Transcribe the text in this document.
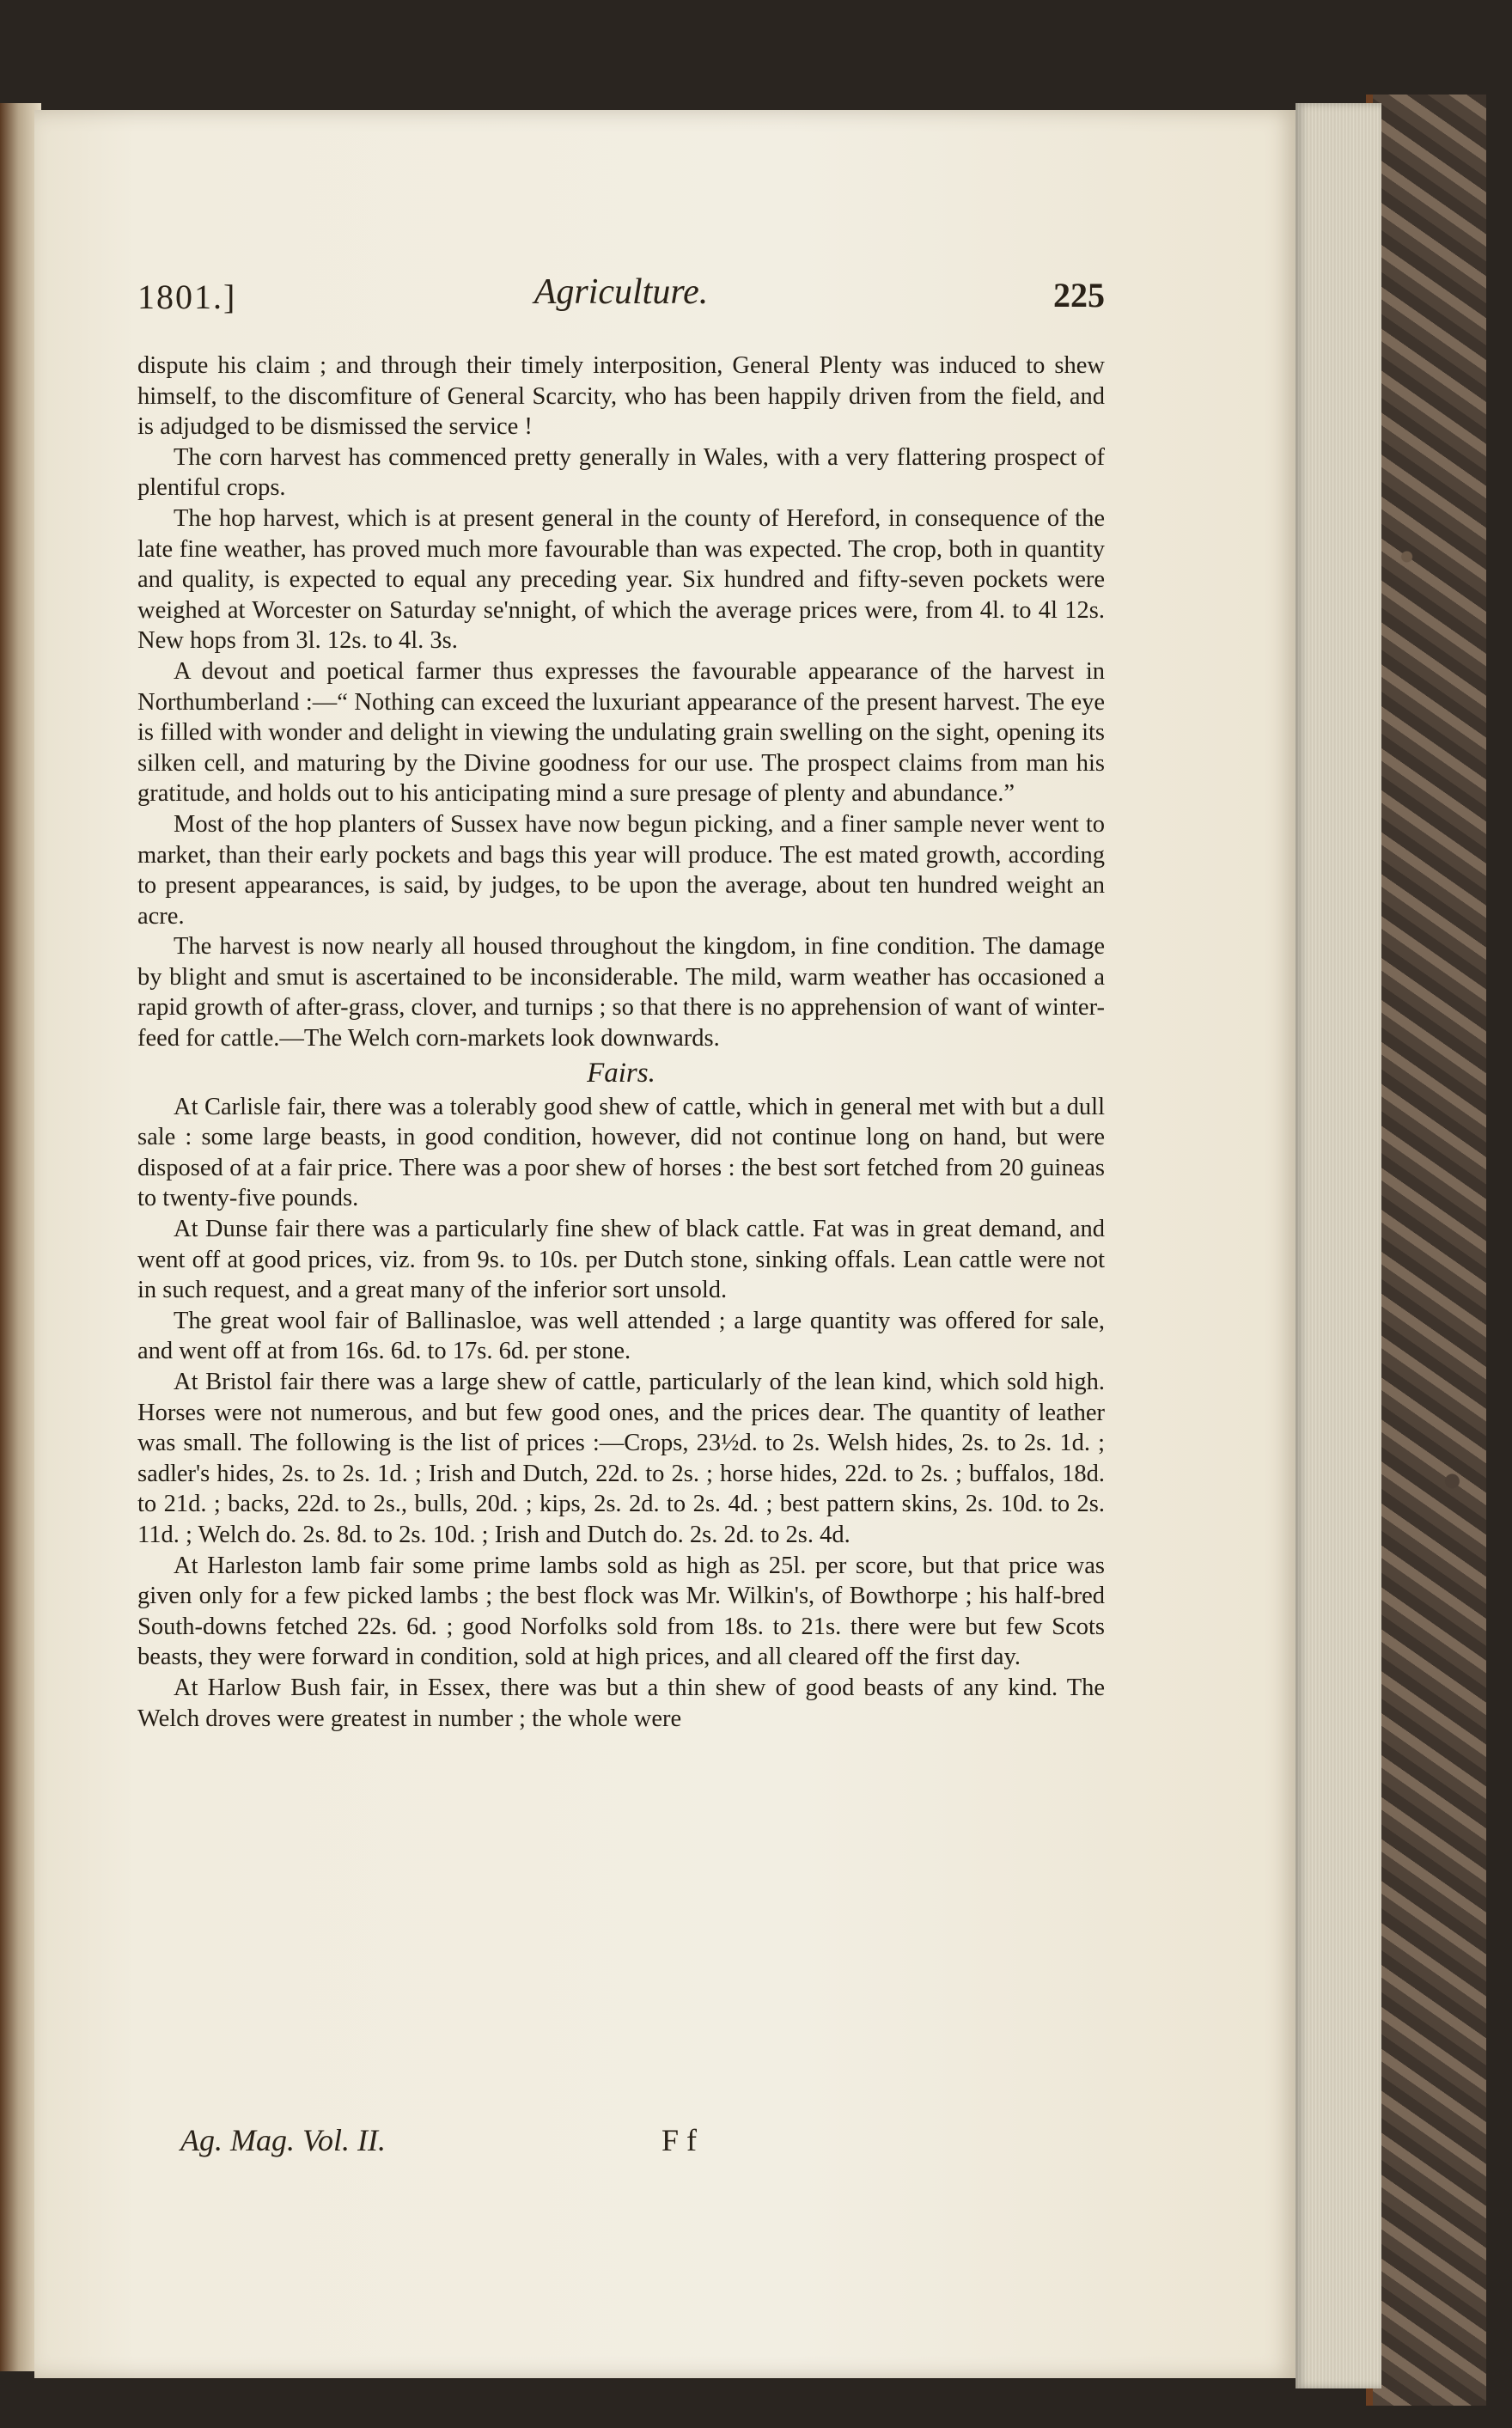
1801.]	Agriculture.	225

dispute his claim ; and through their timely interposition, General Plenty was induced to shew himself, to the discomfiture of General Scarcity, who has been happily driven from the field, and is adjudged to be dismissed the service !

The corn harvest has commenced pretty generally in Wales, with a very flattering prospect of plentiful crops.

The hop harvest, which is at present general in the county of Hereford, in consequence of the late fine weather, has proved much more favourable than was expected. The crop, both in quantity and quality, is expected to equal any preceding year. Six hundred and fifty-seven pockets were weighed at Worcester on Saturday se'nnight, of which the average prices were, from 4l. to 4l 12s. New hops from 3l. 12s. to 4l. 3s.

A devout and poetical farmer thus expresses the favourable appearance of the harvest in Northumberland :—“ Nothing can exceed the luxuriant appearance of the present harvest. The eye is filled with wonder and delight in viewing the undulating grain swelling on the sight, opening its silken cell, and maturing by the Divine goodness for our use. The prospect claims from man his gratitude, and holds out to his anticipating mind a sure presage of plenty and abundance.”

Most of the hop planters of Sussex have now begun picking, and a finer sample never went to market, than their early pockets and bags this year will produce. The est mated growth, according to present appearances, is said, by judges, to be upon the average, about ten hundred weight an acre.

The harvest is now nearly all housed throughout the kingdom, in fine condition. The damage by blight and smut is ascertained to be inconsiderable. The mild, warm weather has occasioned a rapid growth of after-grass, clover, and turnips ; so that there is no apprehension of want of winter-feed for cattle.—The Welch corn-markets look downwards.

Fairs.

At Carlisle fair, there was a tolerably good shew of cattle, which in general met with but a dull sale : some large beasts, in good condition, however, did not continue long on hand, but were disposed of at a fair price. There was a poor shew of horses : the best sort fetched from 20 guineas to twenty-five pounds.

At Dunse fair there was a particularly fine shew of black cattle. Fat was in great demand, and went off at good prices, viz. from 9s. to 10s. per Dutch stone, sinking offals. Lean cattle were not in such request, and a great many of the inferior sort unsold.

The great wool fair of Ballinasloe, was well attended ; a large quantity was offered for sale, and went off at from 16s. 6d. to 17s. 6d. per stone.

At Bristol fair there was a large shew of cattle, particularly of the lean kind, which sold high. Horses were not numerous, and but few good ones, and the prices dear. The quantity of leather was small. The following is the list of prices :—Crops, 23½d. to 2s. Welsh hides, 2s. to 2s. 1d. ; sadler's hides, 2s. to 2s. 1d. ; Irish and Dutch, 22d. to 2s. ; horse hides, 22d. to 2s. ; buffalos, 18d. to 21d. ; backs, 22d. to 2s., bulls, 20d. ; kips, 2s. 2d. to 2s. 4d. ; best pattern skins, 2s. 10d. to 2s. 11d. ; Welch do. 2s. 8d. to 2s. 10d. ; Irish and Dutch do. 2s. 2d. to 2s. 4d.

At Harleston lamb fair some prime lambs sold as high as 25l. per score, but that price was given only for a few picked lambs ; the best flock was Mr. Wilkin's, of Bowthorpe ; his half-bred South-downs fetched 22s. 6d. ; good Norfolks sold from 18s. to 21s. there were but few Scots beasts, they were forward in condition, sold at high prices, and all cleared off the first day.

At Harlow Bush fair, in Essex, there was but a thin shew of good beasts of any kind. The Welch droves were greatest in number ; the whole were

Ag. Mag. Vol. II.	F f
